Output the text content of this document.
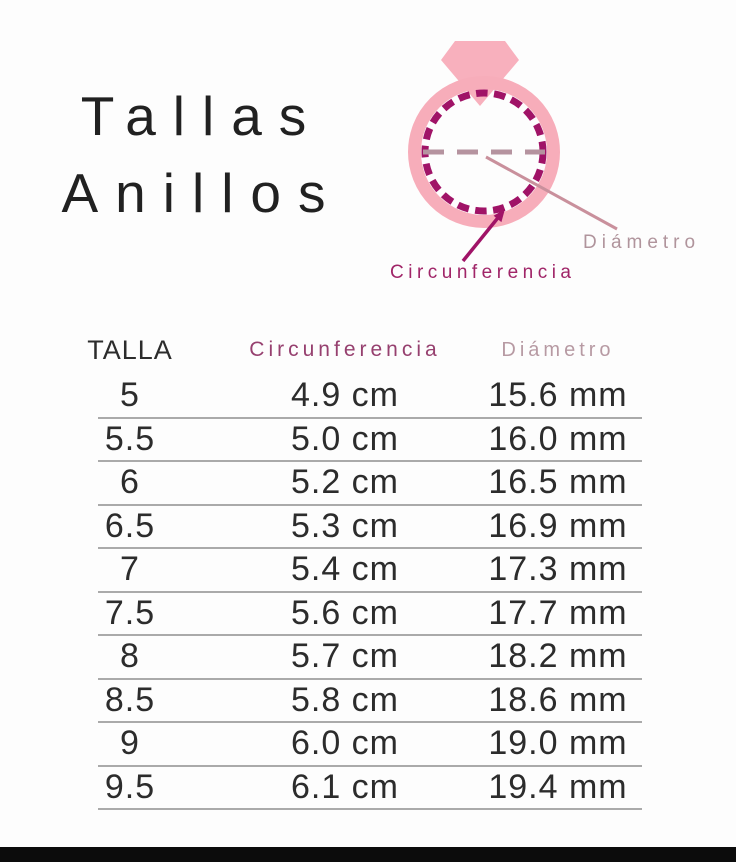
Tallas
Anillos
Diámetro
Circunferencia
TALLA	Circunferencia	Diámetro
5	4.9 cm	15.6 mm
5.5	5.0 cm	16.0 mm
6	5.2 cm	16.5 mm
6.5	5.3 cm	16.9 mm
7	5.4 cm	17.3 mm
7.5	5.6 cm	17.7 mm
8	5.7 cm	18.2 mm
8.5	5.8 cm	18.6 mm
9	6.0 cm	19.0 mm
9.5	6.1 cm	19.4 mm
